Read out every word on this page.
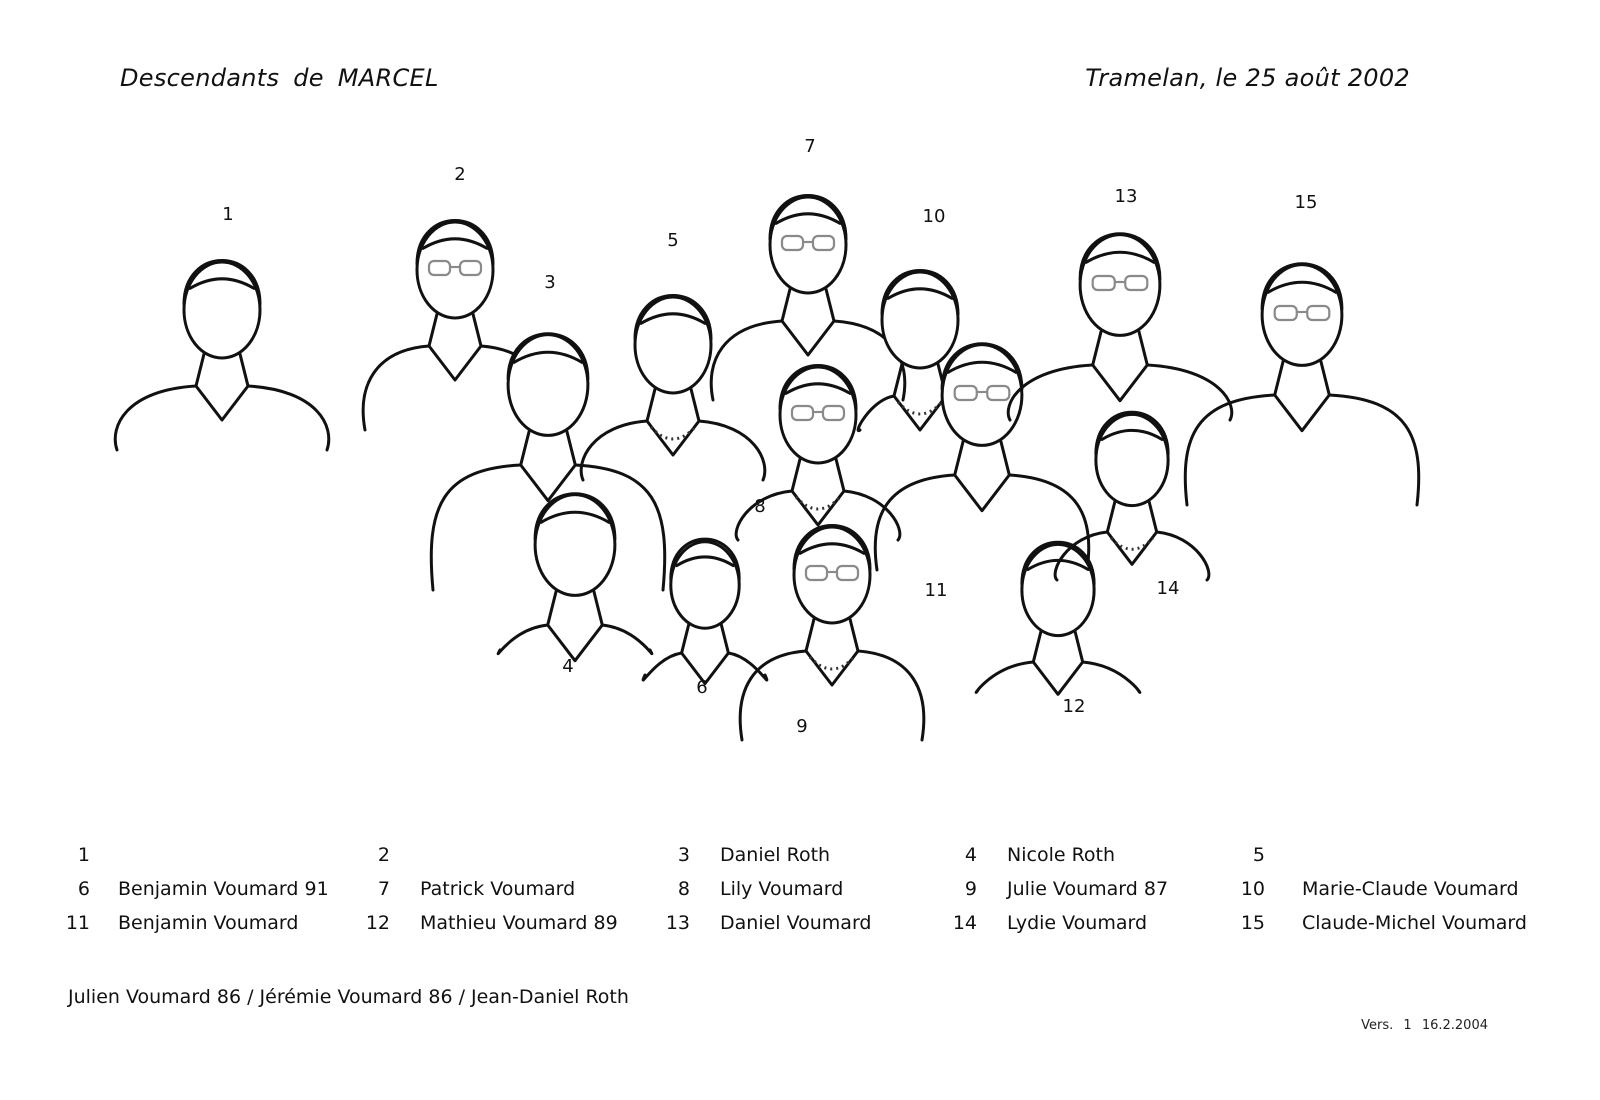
Descendants de MARCEL	Tramelan, le 25 août 2002
1
2
3
4
5
6
7
8
9
10
11
12
13
14
15
1	2	3 Daniel Roth	4 Nicole Roth	5
6 Benjamin Voumard 91	7 Patrick Voumard	8 Lily Voumard	9 Julie Voumard 87	10 Marie-Claude Voumard
11 Benjamin Voumard	12 Mathieu Voumard 89	13 Daniel Voumard	14 Lydie Voumard	15 Claude-Michel Voumard
Julien Voumard 86 / Jérémie Voumard 86 / Jean-Daniel Roth
Vers. 1 16.2.2004
